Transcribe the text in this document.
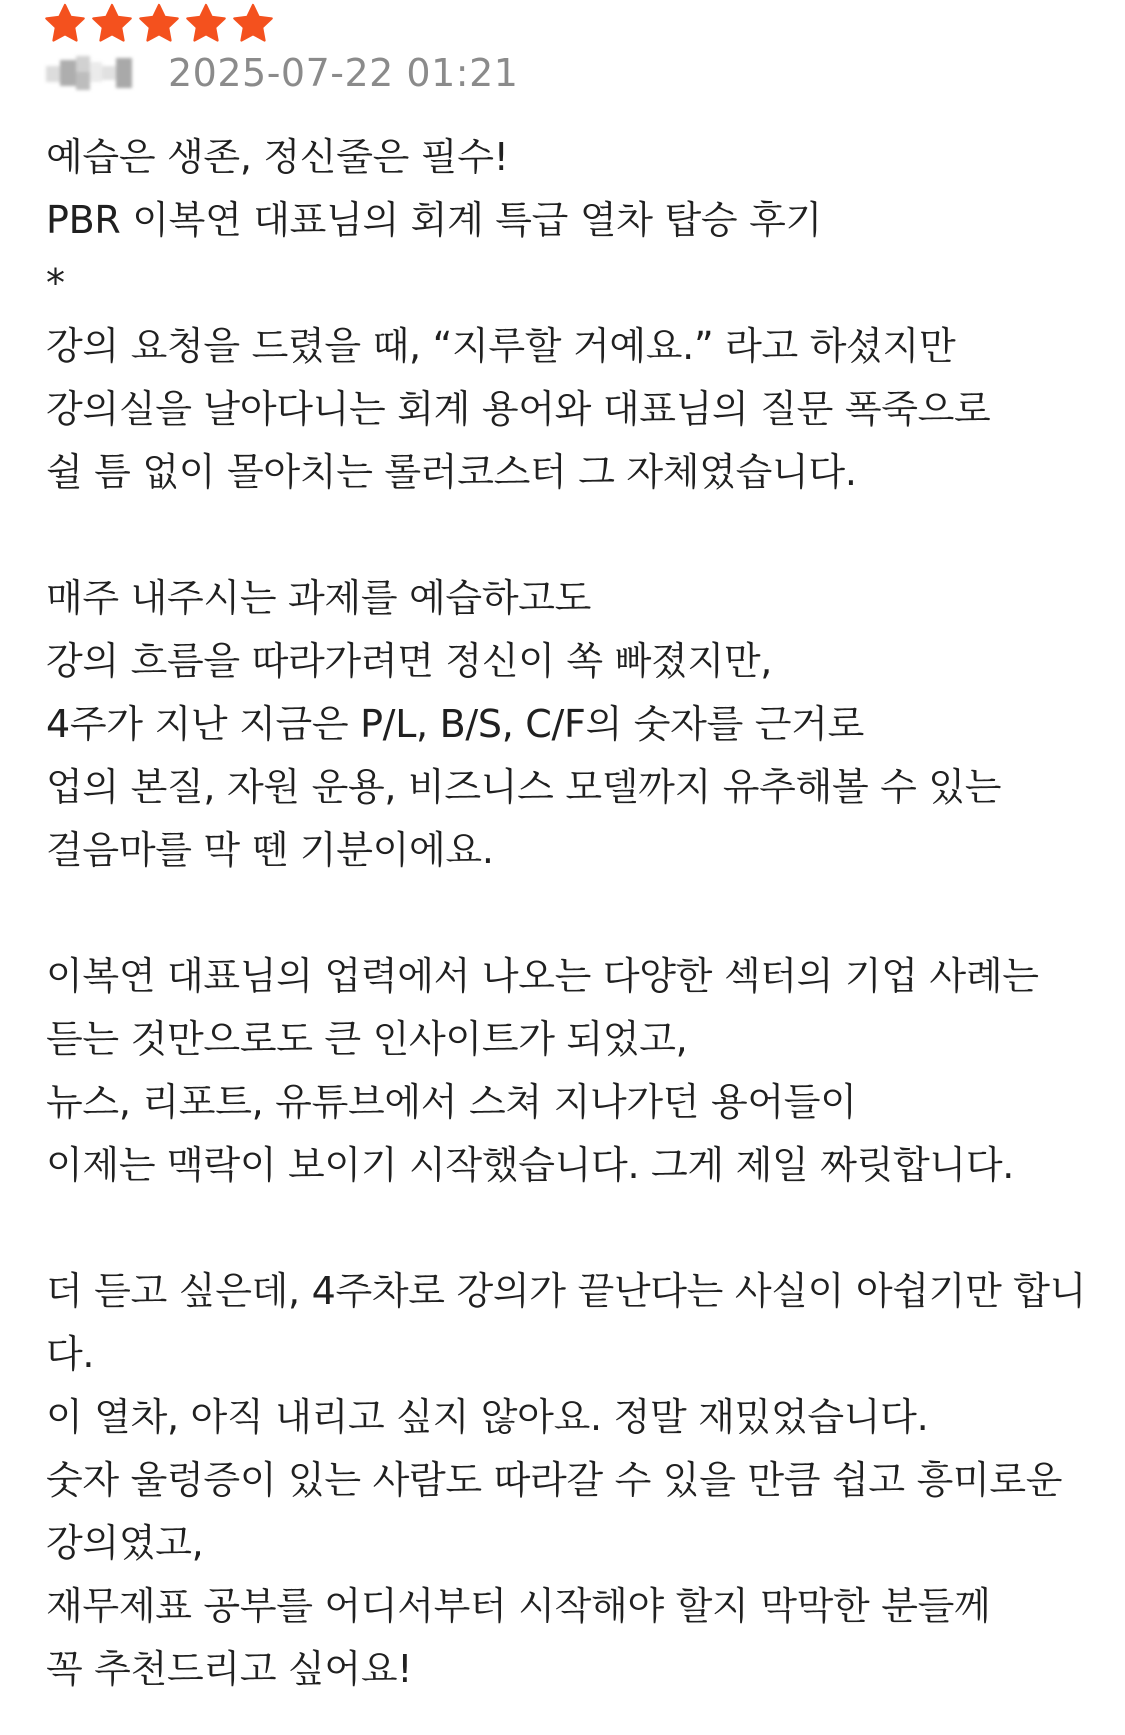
2025-07-22 01:21
예습은 생존, 정신줄은 필수!
PBR 이복연 대표님의 회계 특급 열차 탑승 후기
*
강의 요청을 드렸을 때, “지루할 거예요.” 라고 하셨지만
강의실을 날아다니는 회계 용어와 대표님의 질문 폭죽으로
쉴 틈 없이 몰아치는 롤러코스터 그 자체였습니다.
매주 내주시는 과제를 예습하고도
강의 흐름을 따라가려면 정신이 쏙 빠졌지만,
4주가 지난 지금은 P/L, B/S, C/F의 숫자를 근거로
업의 본질, 자원 운용, 비즈니스 모델까지 유추해볼 수 있는
걸음마를 막 뗀 기분이에요.
이복연 대표님의 업력에서 나오는 다양한 섹터의 기업 사례는
듣는 것만으로도 큰 인사이트가 되었고,
뉴스, 리포트, 유튜브에서 스쳐 지나가던 용어들이
이제는 맥락이 보이기 시작했습니다. 그게 제일 짜릿합니다.
더 듣고 싶은데, 4주차로 강의가 끝난다는 사실이 아쉽기만 합니
다.
이 열차, 아직 내리고 싶지 않아요. 정말 재밌었습니다.
숫자 울렁증이 있는 사람도 따라갈 수 있을 만큼 쉽고 흥미로운
강의였고,
재무제표 공부를 어디서부터 시작해야 할지 막막한 분들께
꼭 추천드리고 싶어요!
